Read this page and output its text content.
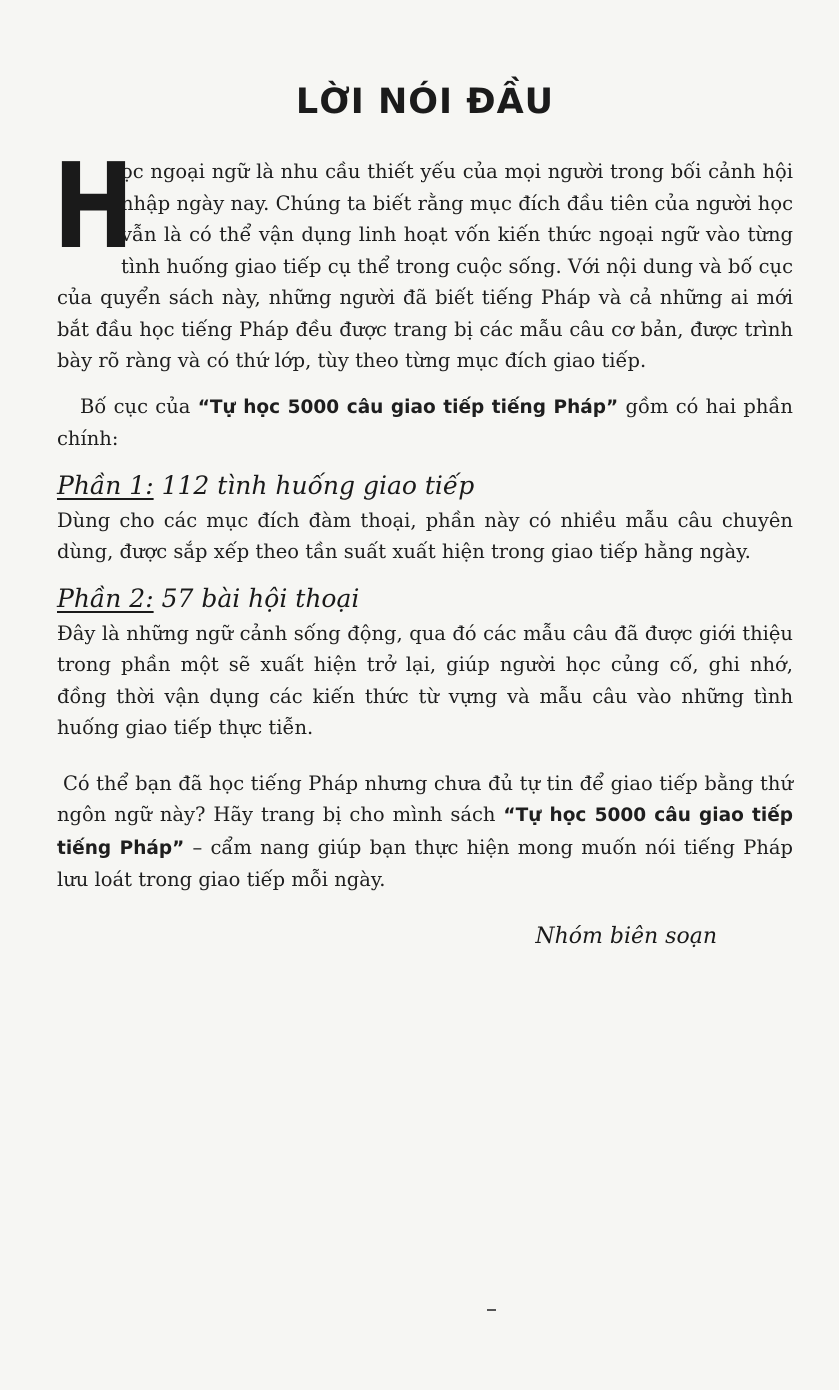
LỜI NÓI ĐẦU

H
ọc ngoại ngữ là nhu cầu thiết yếu của mọi người trong bối cảnh hội nhập ngày nay. Chúng ta biết rằng mục đích đầu tiên của người học vẫn là có thể vận dụng linh hoạt vốn kiến thức ngoại ngữ vào từng tình huống giao tiếp cụ thể trong cuộc sống. Với nội dung và bố cục của quyển sách này, những người đã biết tiếng Pháp và cả những ai mới bắt đầu học tiếng Pháp đều được trang bị các mẫu câu cơ bản, được trình bày rõ ràng và có thứ lớp, tùy theo từng mục đích giao tiếp.

Bố cục của “Tự học 5000 câu giao tiếp tiếng Pháp” gồm có hai phần chính:

Phần 1: 112 tình huống giao tiếp

Dùng cho các mục đích đàm thoại, phần này có nhiều mẫu câu chuyên dùng, được sắp xếp theo tần suất xuất hiện trong giao tiếp hằng ngày.

Phần 2: 57 bài hội thoại

Đây là những ngữ cảnh sống động, qua đó các mẫu câu đã được giới thiệu trong phần một sẽ xuất hiện trở lại, giúp người học củng cố, ghi nhớ, đồng thời vận dụng các kiến thức từ vựng và mẫu câu vào những tình huống giao tiếp thực tiễn.

Có thể bạn đã học tiếng Pháp nhưng chưa đủ tự tin để giao tiếp bằng thứ ngôn ngữ này? Hãy trang bị cho mình sách “Tự học 5000 câu giao tiếp tiếng Pháp” – cẩm nang giúp bạn thực hiện mong muốn nói tiếng Pháp lưu loát trong giao tiếp mỗi ngày.

Nhóm biên soạn
